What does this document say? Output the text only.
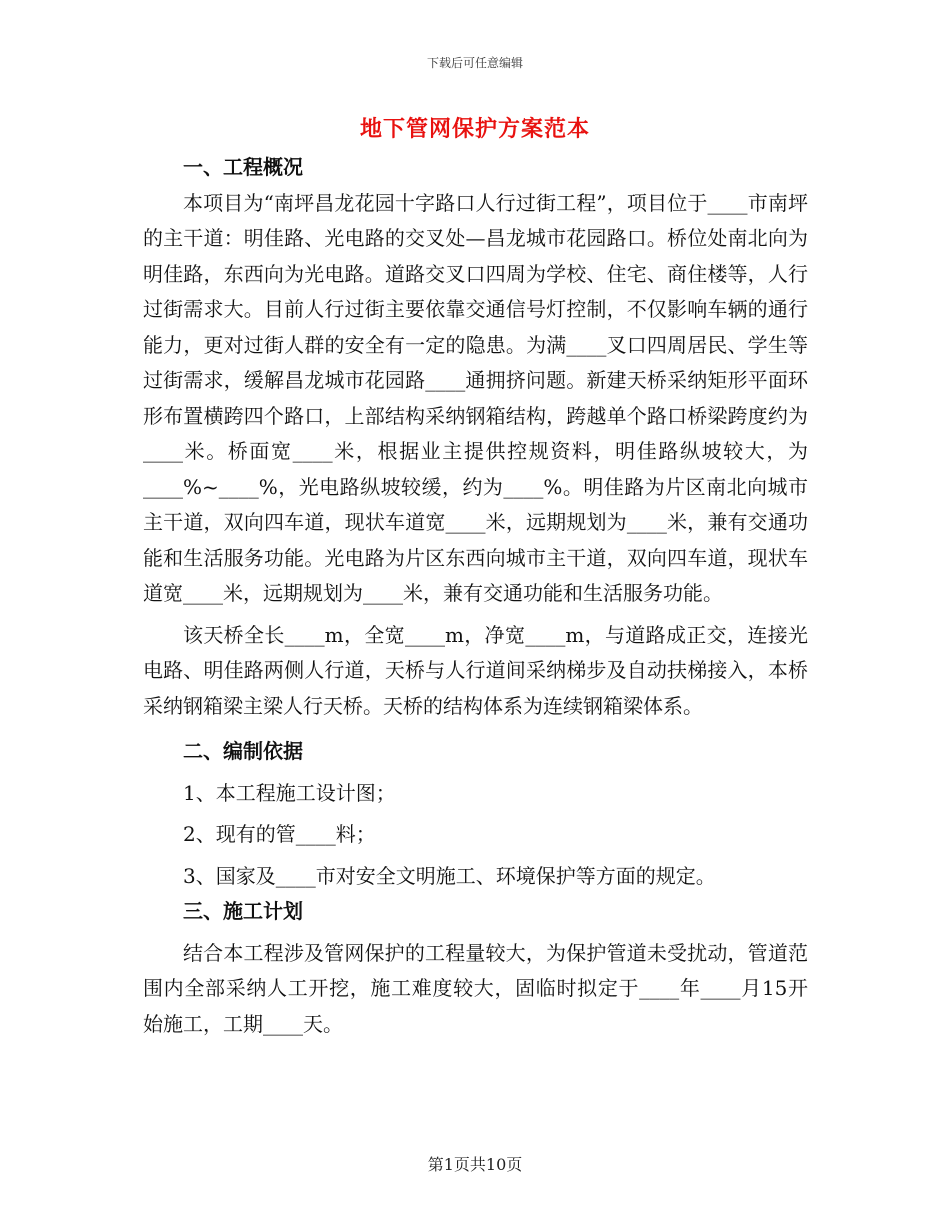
下载后可任意编辑
地下管网保护方案范本

一、工程概况

本项目为“南坪昌龙花园十字路口人行过街工程”，项目位于____市南坪的主干道：明佳路、光电路的交叉处—昌龙城市花园路口。桥位处南北向为明佳路，东西向为光电路。道路交叉口四周为学校、住宅、商住楼等，人行过街需求大。目前人行过街主要依靠交通信号灯控制，不仅影响车辆的通行能力，更对过街人群的安全有一定的隐患。为满____叉口四周居民、学生等过街需求，缓解昌龙城市花园路____通拥挤问题。新建天桥采纳矩形平面环形布置横跨四个路口，上部结构采纳钢箱结构，跨越单个路口桥梁跨度约为____米。桥面宽____米，根据业主提供控规资料，明佳路纵坡较大，为____%~____%，光电路纵坡较缓，约为____%。明佳路为片区南北向城市主干道，双向四车道，现状车道宽____米，远期规划为____米，兼有交通功能和生活服务功能。光电路为片区东西向城市主干道，双向四车道，现状车道宽____米，远期规划为____米，兼有交通功能和生活服务功能。

该天桥全长____m，全宽____m，净宽____m，与道路成正交，连接光电路、明佳路两侧人行道，天桥与人行道间采纳梯步及自动扶梯接入，本桥采纳钢箱梁主梁人行天桥。天桥的结构体系为连续钢箱梁体系。

二、编制依据

1、本工程施工设计图；

2、现有的管____料；

3、国家及____市对安全文明施工、环境保护等方面的规定。

三、施工计划

结合本工程涉及管网保护的工程量较大，为保护管道未受扰动，管道范围内全部采纳人工开挖，施工难度较大，固临时拟定于____年____月15开始施工，工期____天。

第1页共10页
